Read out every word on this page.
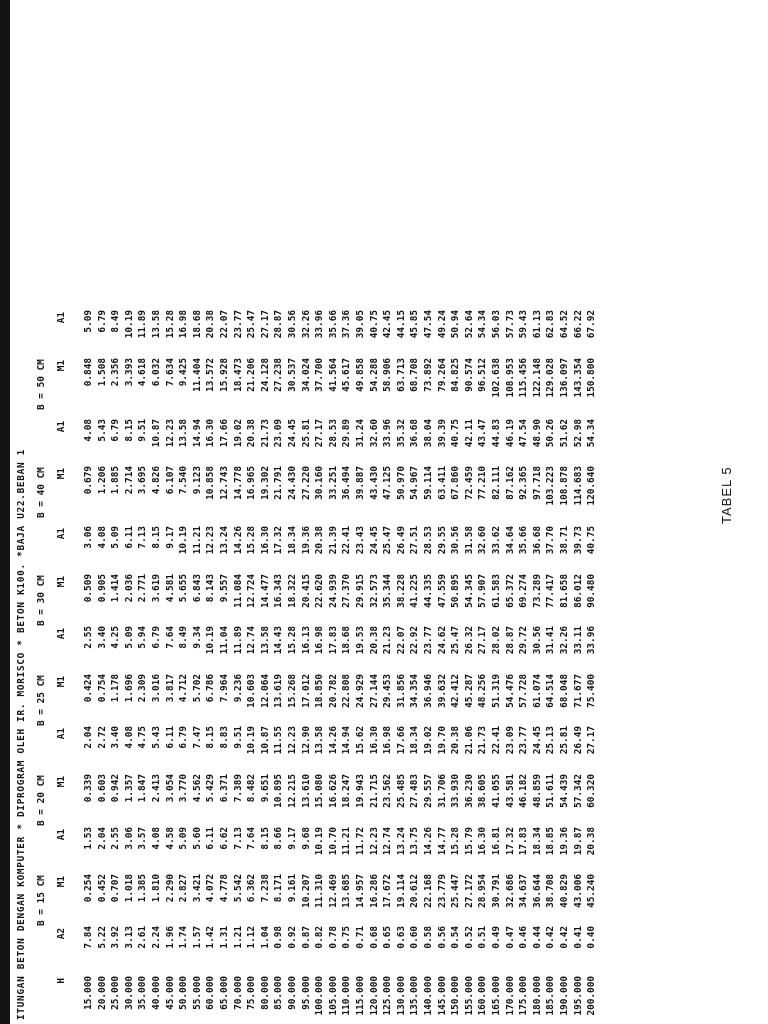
ITUNGAN BETON DENGAN KOMPUTER * DIPROGRAM OLEH IR. MORISCO * BETON K100. *BAJA U22.BEBAN 1 B = 15 CM
B = 20 CM
B = 25 CM
B = 30 CM
B = 40 CM
B = 50 CM
H
A2
M1
A1
M1
A1
M1
A1
M1
A1
M1
A1
M1
A1
15.000
7.84
0.254
1.53
0.339
2.04
0.424
2.55
0.509
3.06
0.679
4.08
0.848
5.09
20.000
5.22
0.452
2.04
0.603
2.72
0.754
3.40
0.905
4.08
1.206
5.43
1.508
6.79
25.000
3.92
0.707
2.55
0.942
3.40
1.178
4.25
1.414
5.09
1.885
6.79
2.356
8.49
30.000
3.13
1.018
3.06
1.357
4.08
1.696
5.09
2.036
6.11
2.714
8.15
3.393
10.19
35.000
2.61
1.385
3.57
1.847
4.75
2.309
5.94
2.771
7.13
3.695
9.51
4.618
11.89
40.000
2.24
1.810
4.08
2.413
5.43
3.016
6.79
3.619
8.15
4.826
10.87
6.032
13.58
45.000
1.96
2.290
4.58
3.054
6.11
3.817
7.64
4.581
9.17
6.107
12.23
7.634
15.28
50.000
1.74
2.827
5.09
3.770
6.79
4.712
8.49
5.655
10.19
7.540
13.58
9.425
16.98
55.000
1.57
3.421
5.60
4.562
7.47
5.702
9.34
6.843
11.21
9.123
14.94
11.404
18.68
60.000
1.42
4.072
6.11
5.429
8.15
6.786
10.19
8.143
12.23
10.858
16.30
13.572
20.38
65.000
1.31
4.778
6.62
6.371
8.83
7.964
11.04
9.557
13.24
12.743
17.66
15.928
22.07
70.000
1.21
5.542
7.13
7.389
9.51
9.236
11.89
11.084
14.26
14.778
19.02
18.473
23.77
75.000
1.12
6.362
7.64
8.482
10.19
10.603
12.74
12.724
15.28
16.965
20.38
21.206
25.47
80.000
1.04
7.238
8.15
9.651
10.87
12.064
13.58
14.477
16.30
19.302
21.73
24.128
27.17
85.000
0.98
8.171
8.66
10.895
11.55
13.619
14.43
16.343
17.32
21.791
23.09
27.238
28.87
90.000
0.92
9.161
9.17
12.215
12.23
15.268
15.28
18.322
18.34
24.430
24.45
30.537
30.56
95.000
0.87
10.207
9.68
13.610
12.90
17.012
16.13
20.415
19.36
27.220
25.81
34.024
32.26
100.000
0.82
11.310
10.19
15.080
13.58
18.850
16.98
22.620
20.38
30.160
27.17
37.700
33.96
105.000
0.78
12.469
10.70
16.626
14.26
20.782
17.83
24.939
21.39
33.251
28.53
41.564
35.66
110.000
0.75
13.685
11.21
18.247
14.94
22.808
18.68
27.370
22.41
36.494
29.89
45.617
37.36
115.000
0.71
14.957
11.72
19.943
15.62
24.929
19.53
29.915
23.43
39.887
31.24
49.858
39.05
120.000
0.68
16.286
12.23
21.715
16.30
27.144
20.38
32.573
24.45
43.430
32.60
54.288
40.75
125.000
0.65
17.672
12.74
23.562
16.98
29.453
21.23
35.344
25.47
47.125
33.96
58.906
42.45
130.000
0.63
19.114
13.24
25.485
17.66
31.856
22.07
38.228
26.49
50.970
35.32
63.713
44.15
135.000
0.60
20.612
13.75
27.483
18.34
34.354
22.92
41.225
27.51
54.967
36.68
68.708
45.85
140.000
0.58
22.168
14.26
29.557
19.02
36.946
23.77
44.335
28.53
59.114
38.04
73.892
47.54
145.000
0.56
23.779
14.77
31.706
19.70
39.632
24.62
47.559
29.55
63.411
39.39
79.264
49.24
150.000
0.54
25.447
15.28
33.930
20.38
42.412
25.47
50.895
30.56
67.860
40.75
84.825
50.94
155.000
0.52
27.172
15.79
36.230
21.06
45.287
26.32
54.345
31.58
72.459
42.11
90.574
52.64
160.000
0.51
28.954
16.30
38.605
21.73
48.256
27.17
57.907
32.60
77.210
43.47
96.512
54.34
165.000
0.49
30.791
16.81
41.055
22.41
51.319
28.02
61.583
33.62
82.111
44.83
102.638
56.03
170.000
0.47
32.686
17.32
43.581
23.09
54.476
28.87
65.372
34.64
87.162
46.19
108.953
57.73
175.000
0.46
34.637
17.83
46.182
23.77
57.728
29.72
69.274
35.66
92.365
47.54
115.456
59.43
180.000
0.44
36.644
18.34
48.859
24.45
61.074
30.56
73.289
36.68
97.718
48.90
122.148
61.13
185.000
0.42
38.708
18.85
51.611
25.13
64.514
31.41
77.417
37.70
103.223
50.26
129.028
62.83
190.000
0.42
40.829
19.36
54.439
25.81
68.048
32.26
81.658
38.71
108.878
51.62
136.097
64.52
195.000
0.41
43.006
19.87
57.342
26.49
71.677
33.11
86.012
39.73
114.683
52.98
143.354
66.22
200.000
0.40
45.240
20.38
60.320
27.17
75.400
33.96
90.480
40.75
120.640
54.34
150.800
67.92
TABEL 5
